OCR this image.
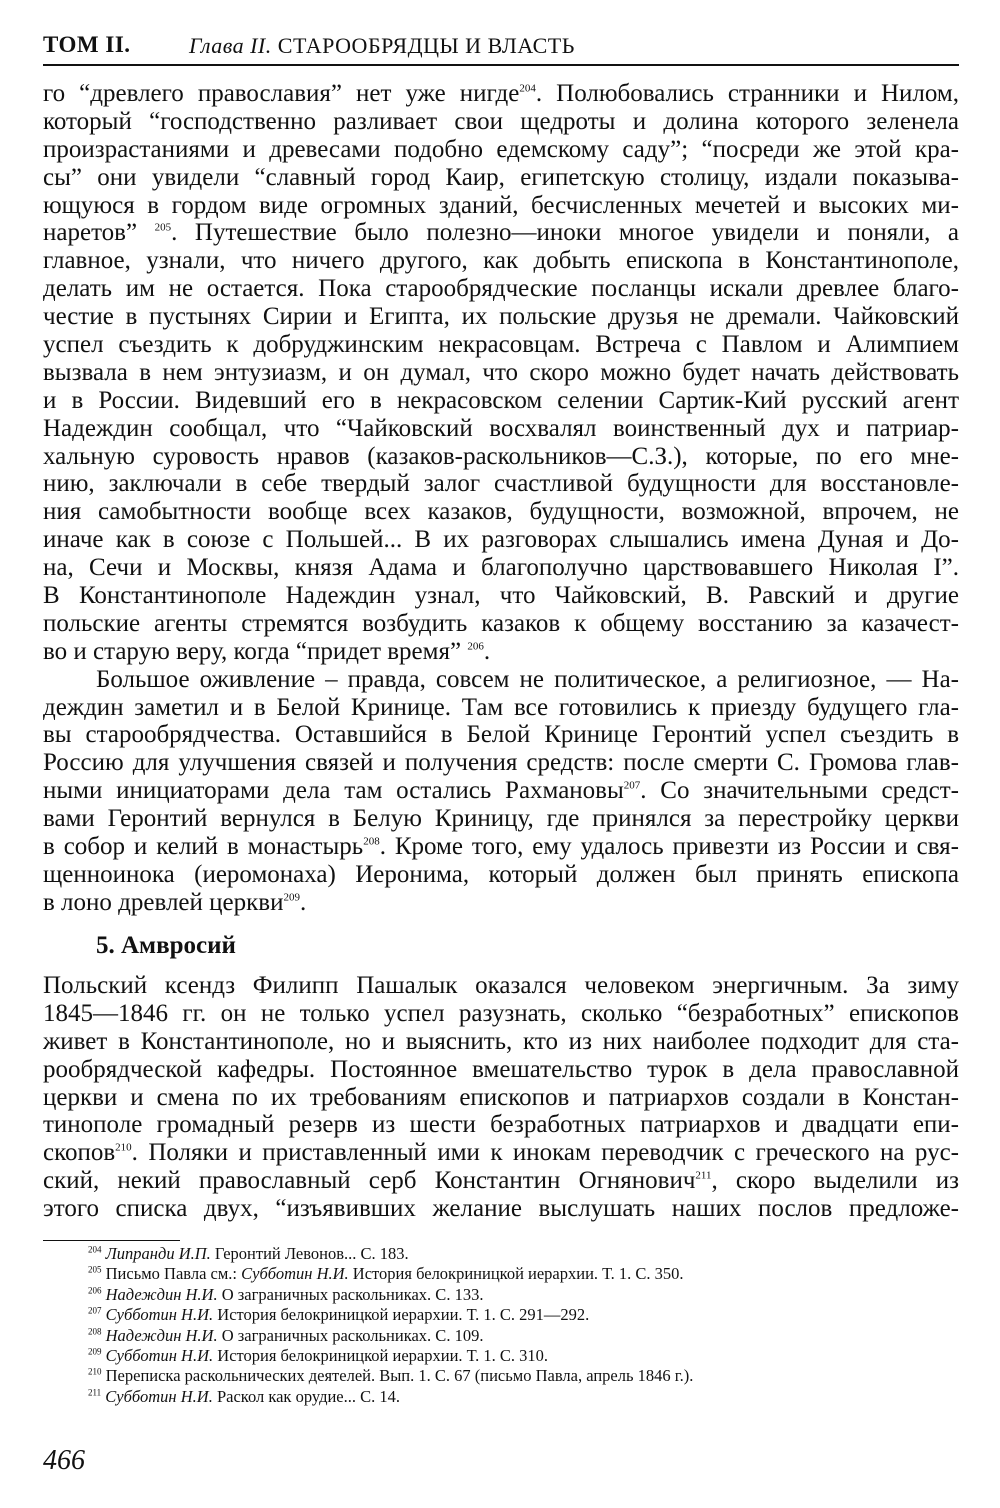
ТОМ II.	Глава II. СТАРООБРЯДЦЫ И ВЛАСТЬ
го “древлего православия” нет уже нигде$^{204}$. Полюбовались странники и Нилом,
который “господственно разливает свои щедроты и долина которого зеленела
произрастаниями и древесами подобно едемскому саду”; “посреди же этой кра-
сы” они увидели “славный город Каир, египетскую столицу, издали показыва-
ющуюся в гордом виде огромных зданий, бесчисленных мечетей и высоких ми-
наретов” $^{205}$. Путешествие было полезно—иноки многое увидели и поняли, а
главное, узнали, что ничего другого, как добыть епископа в Константинополе,
делать им не остается. Пока старообрядческие посланцы искали древлее благо-
честие в пустынях Сирии и Египта, их польские друзья не дремали. Чайковский
успел съездить к добруджинским некрасовцам. Встреча с Павлом и Алимпием
вызвала в нем энтузиазм, и он думал, что скоро можно будет начать действовать
и в России. Видевший его в некрасовском селении Сартик-Кий русский агент
Надеждин сообщал, что “Чайковский восхвалял воинственный дух и патриар-
хальную суровость нравов (казаков-раскольников—С.З.), которые, по его мне-
нию, заключали в себе твердый залог счастливой будущности для восстановле-
ния самобытности вообще всех казаков, будущности, возможной, впрочем, не
иначе как в союзе с Польшей... В их разговорах слышались имена Дуная и До-
на, Сечи и Москвы, князя Адама и благополучно царствовавшего Николая I”.
В Константинополе Надеждин узнал, что Чайковский, В. Равский и другие
польские агенты стремятся возбудить казаков к общему восстанию за казачест-
во и старую веру, когда “придет время” $^{206}$.
Большое оживление – правда, совсем не политическое, а религиозное, — На-
деждин заметил и в Белой Кринице. Там все готовились к приезду будущего гла-
вы старообрядчества. Оставшийся в Белой Кринице Геронтий успел съездить в
Россию для улучшения связей и получения средств: после смерти С. Громова глав-
ными инициаторами дела там остались Рахмановы$^{207}$. Со значительными средст-
вами Геронтий вернулся в Белую Криницу, где принялся за перестройку церкви
в собор и келий в монастырь$^{208}$. Кроме того, ему удалось привезти из России и свя-
щенноинока (иеромонаха) Иеронима, который должен был принять епископа
в лоно древлей церкви$^{209}$.
5. Амвросий
Польский ксендз Филипп Пашалык оказался человеком энергичным. За зиму
1845—1846 гг. он не только успел разузнать, сколько “безработных” епископов
живет в Константинополе, но и выяснить, кто из них наиболее подходит для ста-
рообрядческой кафедры. Постоянное вмешательство турок в дела православной
церкви и смена по их требованиям епископов и патриархов создали в Констан-
тинополе громадный резерв из шести безработных патриархов и двадцати епи-
скопов$^{210}$. Поляки и приставленный ими к инокам переводчик с греческого на рус-
ский, некий православный серб Константин Огнянович$^{211}$, скоро выделили из
этого списка двух, “изъявивших желание выслушать наших послов предложе-
$^{204}$ Липранди И.П. Геронтий Левонов... С. 183.
$^{205}$ Письмо Павла см.: Субботин Н.И. История белокриницкой иерархии. Т. 1. С. 350.
$^{206}$ Надеждин Н.И. О заграничных раскольниках. С. 133.
$^{207}$ Субботин Н.И. История белокриницкой иерархии. Т. 1. С. 291—292.
$^{208}$ Надеждин Н.И. О заграничных раскольниках. С. 109.
$^{209}$ Субботин Н.И. История белокриницкой иерархии. Т. 1. С. 310.
$^{210}$ Переписка раскольнических деятелей. Вып. 1. С. 67 (письмо Павла, апрель 1846 г.).
$^{211}$ Субботин Н.И. Раскол как орудие... С. 14.
466
